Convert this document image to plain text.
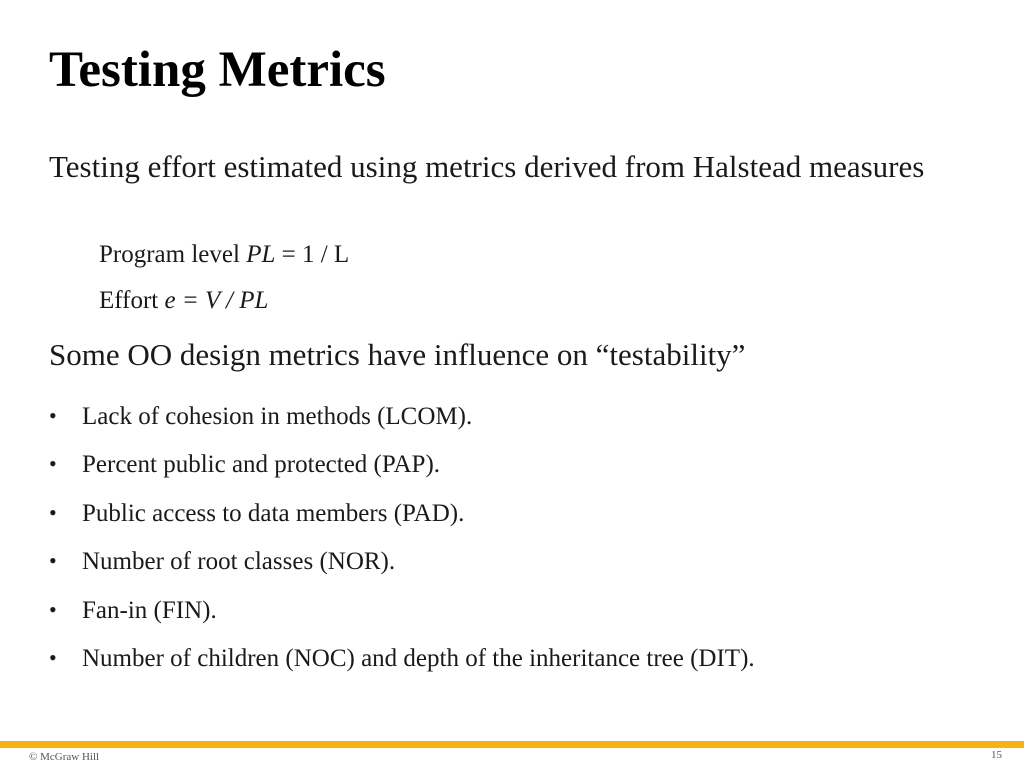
Testing Metrics

Testing effort estimated using metrics derived from Halstead measures

Program level PL = 1 / L

Effort e = V / PL

Some OO design metrics have influence on “testability”

• Lack of cohesion in methods (LCOM).
• Percent public and protected (PAP).
• Public access to data members (PAD).
• Number of root classes (NOR).
• Fan-in (FIN).
• Number of children (NOC) and depth of the inheritance tree (DIT).
© McGraw Hill	15
